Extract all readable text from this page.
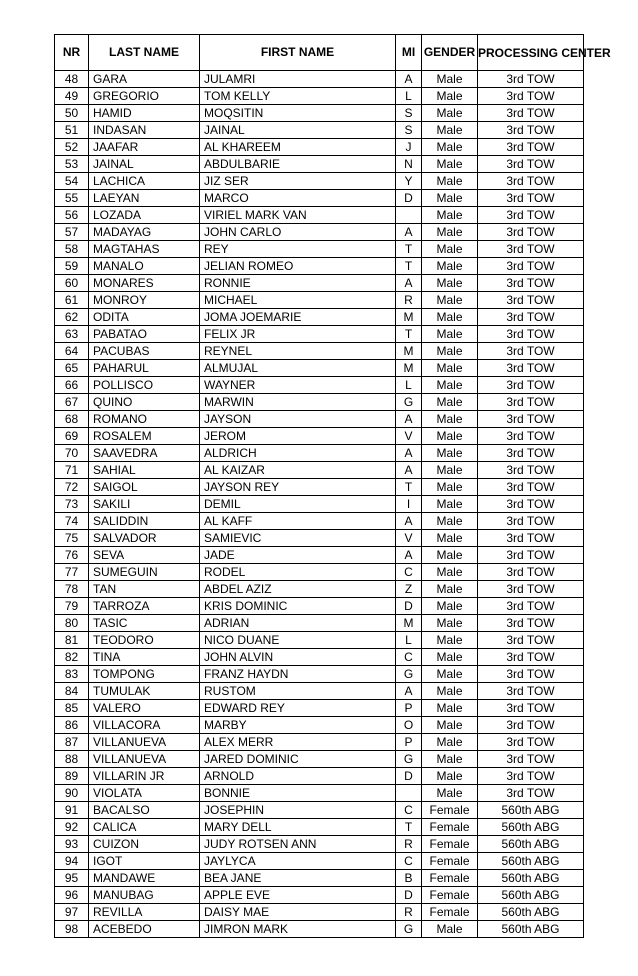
NR	LAST NAME	FIRST NAME	MI	GENDER	PROCESSING CENTER
48	GARA	JULAMRI	A	Male	3rd TOW
49	GREGORIO	TOM KELLY	L	Male	3rd TOW
50	HAMID	MOQSITIN	S	Male	3rd TOW
51	INDASAN	JAINAL	S	Male	3rd TOW
52	JAAFAR	AL KHAREEM	J	Male	3rd TOW
53	JAINAL	ABDULBARIE	N	Male	3rd TOW
54	LACHICA	JIZ SER	Y	Male	3rd TOW
55	LAEYAN	MARCO	D	Male	3rd TOW
56	LOZADA	VIRIEL MARK VAN		Male	3rd TOW
57	MADAYAG	JOHN CARLO	A	Male	3rd TOW
58	MAGTAHAS	REY	T	Male	3rd TOW
59	MANALO	JELIAN ROMEO	T	Male	3rd TOW
60	MONARES	RONNIE	A	Male	3rd TOW
61	MONROY	MICHAEL	R	Male	3rd TOW
62	ODITA	JOMA JOEMARIE	M	Male	3rd TOW
63	PABATAO	FELIX JR	T	Male	3rd TOW
64	PACUBAS	REYNEL	M	Male	3rd TOW
65	PAHARUL	ALMUJAL	M	Male	3rd TOW
66	POLLISCO	WAYNER	L	Male	3rd TOW
67	QUINO	MARWIN	G	Male	3rd TOW
68	ROMANO	JAYSON	A	Male	3rd TOW
69	ROSALEM	JEROM	V	Male	3rd TOW
70	SAAVEDRA	ALDRICH	A	Male	3rd TOW
71	SAHIAL	AL KAIZAR	A	Male	3rd TOW
72	SAIGOL	JAYSON REY	T	Male	3rd TOW
73	SAKILI	DEMIL	I	Male	3rd TOW
74	SALIDDIN	AL KAFF	A	Male	3rd TOW
75	SALVADOR	SAMIEVIC	V	Male	3rd TOW
76	SEVA	JADE	A	Male	3rd TOW
77	SUMEGUIN	RODEL	C	Male	3rd TOW
78	TAN	ABDEL AZIZ	Z	Male	3rd TOW
79	TARROZA	KRIS DOMINIC	D	Male	3rd TOW
80	TASIC	ADRIAN	M	Male	3rd TOW
81	TEODORO	NICO DUANE	L	Male	3rd TOW
82	TINA	JOHN ALVIN	C	Male	3rd TOW
83	TOMPONG	FRANZ HAYDN	G	Male	3rd TOW
84	TUMULAK	RUSTOM	A	Male	3rd TOW
85	VALERO	EDWARD REY	P	Male	3rd TOW
86	VILLACORA	MARBY	O	Male	3rd TOW
87	VILLANUEVA	ALEX MERR	P	Male	3rd TOW
88	VILLANUEVA	JARED DOMINIC	G	Male	3rd TOW
89	VILLARIN JR	ARNOLD	D	Male	3rd TOW
90	VIOLATA	BONNIE		Male	3rd TOW
91	BACALSO	JOSEPHIN	C	Female	560th ABG
92	CALICA	MARY DELL	T	Female	560th ABG
93	CUIZON	JUDY ROTSEN ANN	R	Female	560th ABG
94	IGOT	JAYLYCA	C	Female	560th ABG
95	MANDAWE	BEA JANE	B	Female	560th ABG
96	MANUBAG	APPLE EVE	D	Female	560th ABG
97	REVILLA	DAISY MAE	R	Female	560th ABG
98	ACEBEDO	JIMRON MARK	G	Male	560th ABG
